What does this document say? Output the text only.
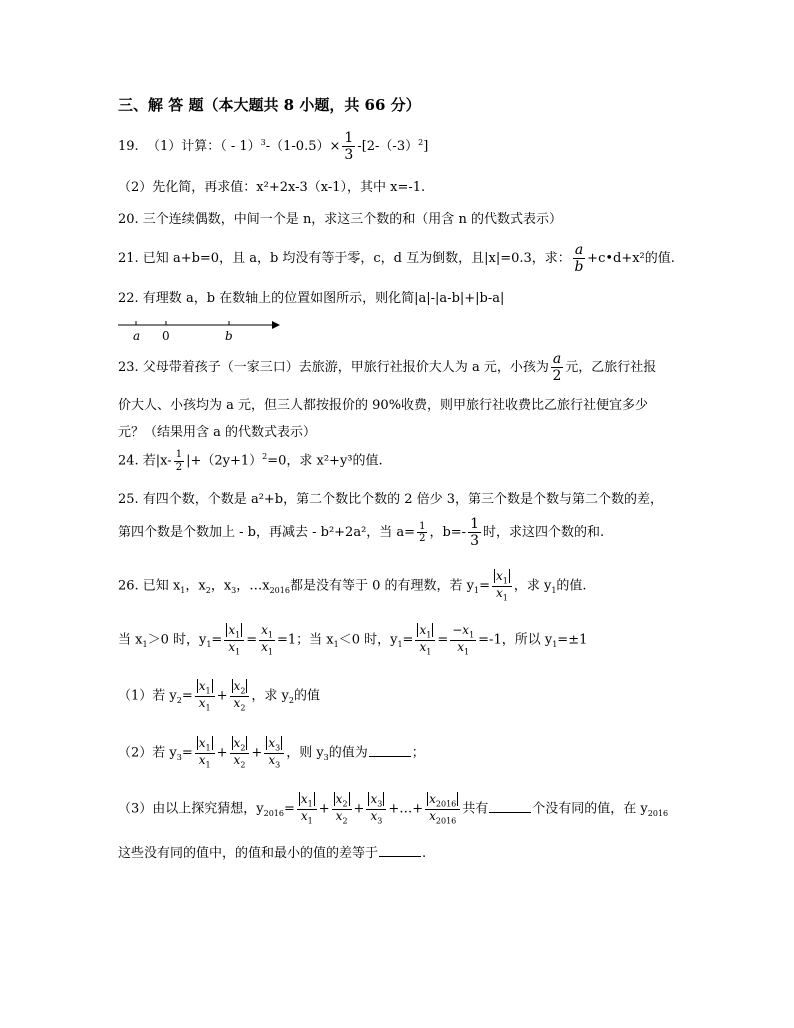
三、解 答 题（本大题共 8 小题，共 66 分）
19. （1）计算：（ - $1)^3-(1-0.5)\times \frac{1}{3} -[2-(-3)^2]$
（2）先化简，再求值：x²+2x-3（x-1），其中 x=-1.
20. 三个连续偶数，中间一个是 n，求这三个数的和（用含 n 的代数式表示）
21. 已知 a+b=0，且 a，b 均没有等于零，c，d 互为倒数，且|x|=0.3，求： $\frac{a}{b}$ +c•d+x²的值.
22. 有理数 a，b 在数轴上的位置如图所示，则化简|a|-|a-b|+|b-a|
a 0	b
23. 父母带着孩子（一家三口）去旅游，甲旅行社报价大人为 a 元，小孩为 $\frac{a}{2}$ 元，乙旅行社报
价大人、小孩均为 a 元，但三人都按报价的 90%收费，则甲旅行社收费比乙旅行社便宜多少
元？（结果用含 a 的代数式表示）
24. 若$|x- \frac{1}{2} |+(2y+1)^2=0$，求 x²+y³的值.
25. 有四个数，个数是 a²+b，第二个数比个数的 2 倍少 3，第三个数是个数与第二个数的差，
第四个数是个数加上 - b，再减去 - b²+2a²，当 $a= \frac{1}{2}$ ，$b=- \frac{1}{3}$ 时，求这四个数的和.
26. 已知 $x_1$，$x_2$，$x_3$，$\dots x_{2016}$都是没有等于 0 的有理数，若 $y_1= \frac{x_1}{x_1}$ ，求 $y_1$的值.
当 $x_1>0$ 时，$y_1= \frac{x_1}{x_1} = \frac{x_1}{x_1} =1$；当 $x_1<0$ 时，$y_1= \frac{x_1}{x_1} = \frac{-x_1}{x_1} =-1$，所以 $y_1=\pm 1$
（1）若 $y_2= \frac{x_1}{x_1} + \frac{x_2}{x_2}$ ，求 $y_2$的值
（2）若 $y_3= \frac{x_1}{x_1} + \frac{x_2}{x_2} + \frac{x_3}{x_3}$ ，则 $y_3$的值为	；
（3）由以上探究猜想，$y_{2016}= \frac{x_1}{x_1} + \frac{x_2}{x_2} + \frac{x_3}{x_3}$ +…+ $\frac{x_{2016}}{x_{2016}}$ 共有	个没有同的值，在 $y_{2016}$
这些没有同的值中，的值和最小的值的差等于	.
